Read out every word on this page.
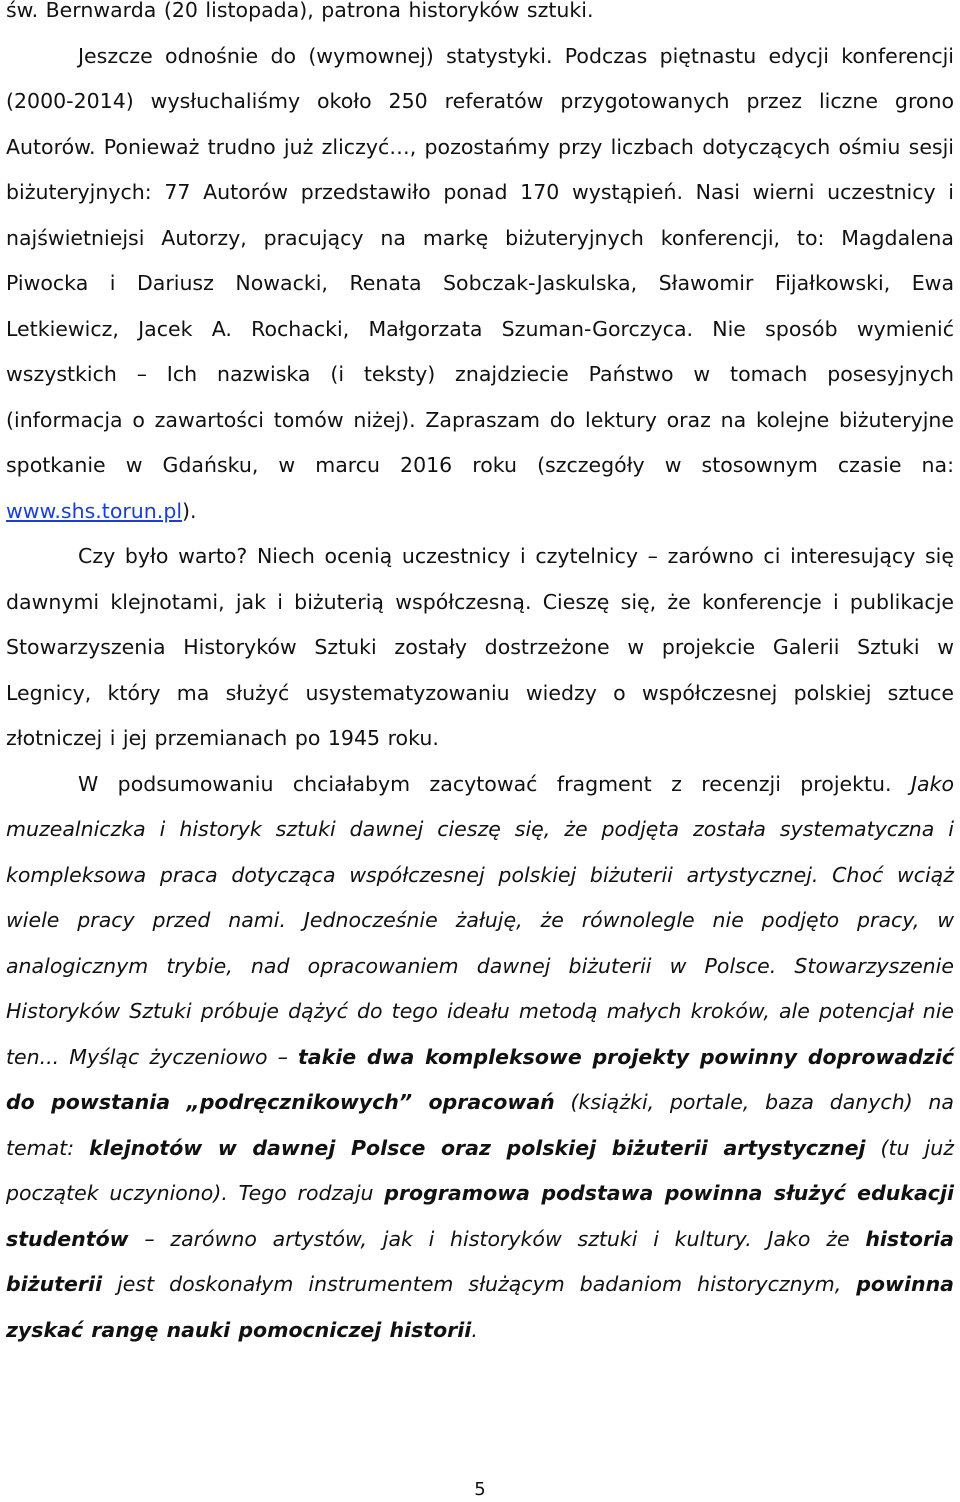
św. Bernwarda (20 listopada), patrona historyków sztuki.

Jeszcze odnośnie do (wymownej) statystyki. Podczas piętnastu edycji konferencji (2000-2014) wysłuchaliśmy około 250 referatów przygotowanych przez liczne grono Autorów. Ponieważ trudno już zliczyć…, pozostańmy przy liczbach dotyczących ośmiu sesji biżuteryjnych: 77 Autorów przedstawiło ponad 170 wystąpień. Nasi wierni uczestnicy i najświetniejsi Autorzy, pracujący na markę biżuteryjnych konferencji, to: Magdalena Piwocka i Dariusz Nowacki, Renata Sobczak-Jaskulska, Sławomir Fijałkowski, Ewa Letkiewicz, Jacek A. Rochacki, Małgorzata Szuman-Gorczyca. Nie sposób wymienić wszystkich – Ich nazwiska (i teksty) znajdziecie Państwo w tomach posesyjnych (informacja o zawartości tomów niżej). Zapraszam do lektury oraz na kolejne biżuteryjne spotkanie w Gdańsku, w marcu 2016 roku (szczegóły w stosownym czasie na: www.shs.torun.pl).

Czy było warto? Niech ocenią uczestnicy i czytelnicy – zarówno ci interesujący się dawnymi klejnotami, jak i biżuterią współczesną. Cieszę się, że konferencje i publikacje Stowarzyszenia Historyków Sztuki zostały dostrzeżone w projekcie Galerii Sztuki w Legnicy, który ma służyć usystematyzowaniu wiedzy o współczesnej polskiej sztuce złotniczej i jej przemianach po 1945 roku.

W podsumowaniu chciałabym zacytować fragment z recenzji projektu. Jako muzealniczka i historyk sztuki dawnej cieszę się, że podjęta została systematyczna i kompleksowa praca dotycząca współczesnej polskiej biżuterii artystycznej. Choć wciąż wiele pracy przed nami. Jednocześnie żałuję, że równolegle nie podjęto pracy, w analogicznym trybie, nad opracowaniem dawnej biżuterii w Polsce. Stowarzyszenie Historyków Sztuki próbuje dążyć do tego ideału metodą małych kroków, ale potencjał nie ten... Myśląc życzeniowo – takie dwa kompleksowe projekty powinny doprowadzić do powstania „podręcznikowych” opracowań (książki, portale, baza danych) na temat: klejnotów w dawnej Polsce oraz polskiej biżuterii artystycznej (tu już początek uczyniono). Tego rodzaju programowa podstawa powinna służyć edukacji studentów – zarówno artystów, jak i historyków sztuki i kultury. Jako że historia biżuterii jest doskonałym instrumentem służącym badaniom historycznym, powinna zyskać rangę nauki pomocniczej historii.

5
